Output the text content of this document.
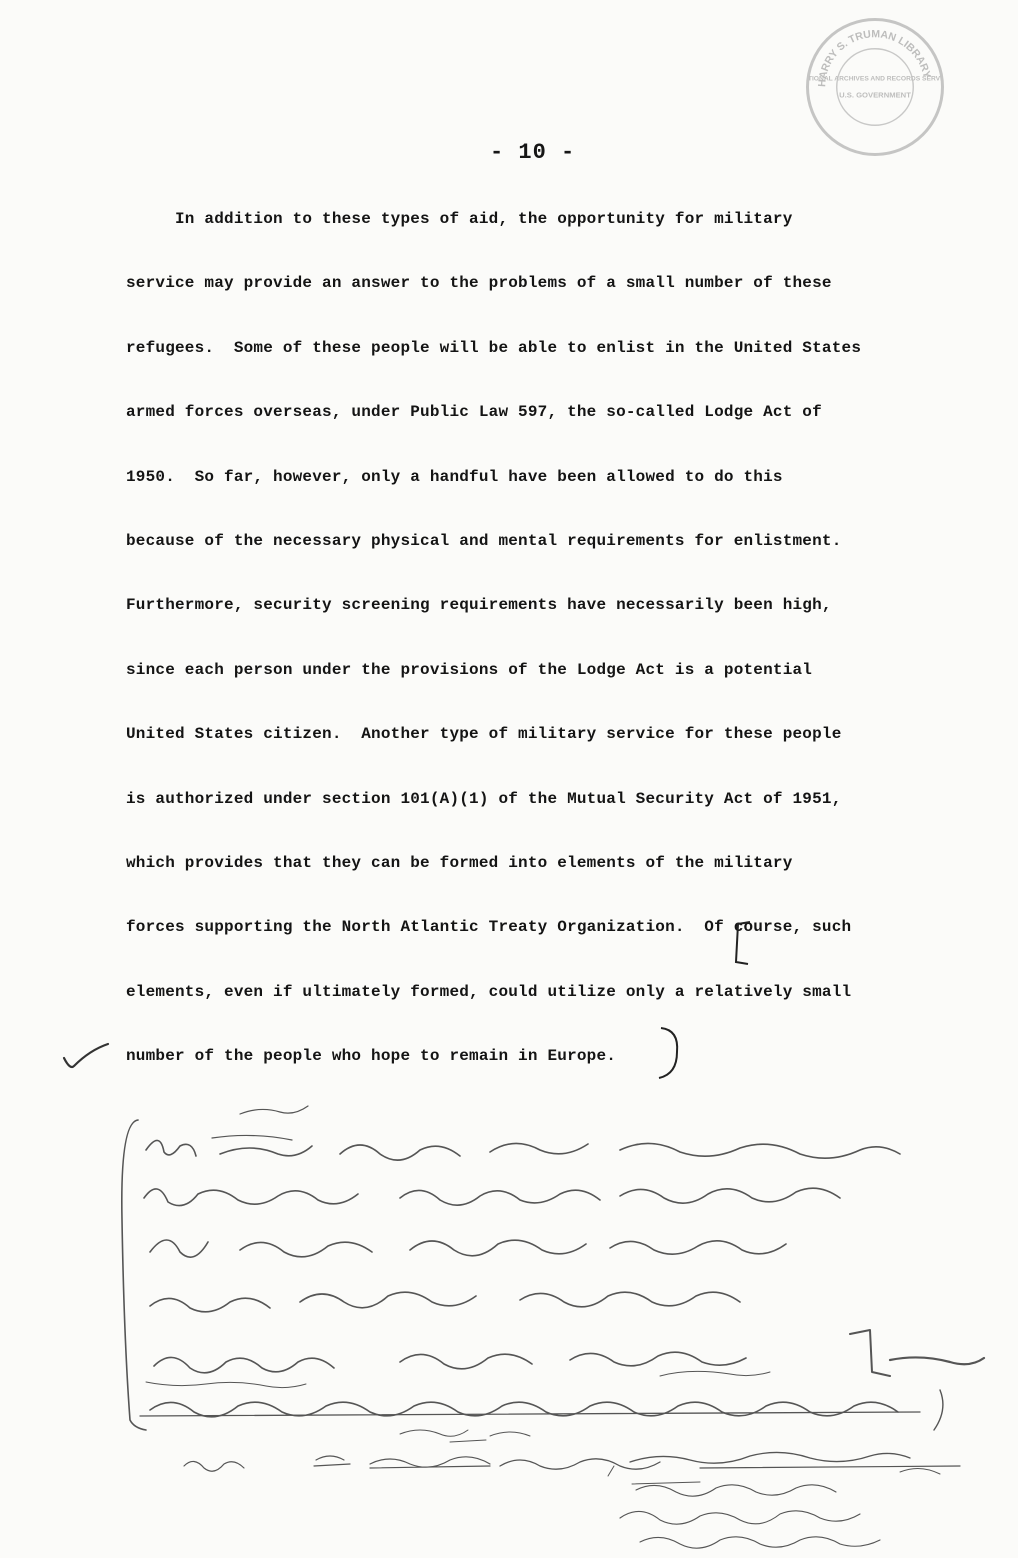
HARRY S. TRUMAN LIBRARY
IONAL ARCHIVES AND RECORDS SERV
U.S. GOVERNMENT
- 10 -
In addition to these types of aid, the opportunity for military
service may provide an answer to the problems of a small number of these
refugees.  Some of these people will be able to enlist in the United States
armed forces overseas, under Public Law 597, the so-called Lodge Act of
1950.  So far, however, only a handful have been allowed to do this
because of the necessary physical and mental requirements for enlistment.
Furthermore, security screening requirements have necessarily been high,
since each person under the provisions of the Lodge Act is a potential
United States citizen.  Another type of military service for these people
is authorized under section 101(A)(1) of the Mutual Security Act of 1951,
which provides that they can be formed into elements of the military
forces supporting the North Atlantic Treaty Organization.  Of course, such
elements, even if ultimately formed, could utilize only a relatively small
number of the people who hope to remain in Europe.
